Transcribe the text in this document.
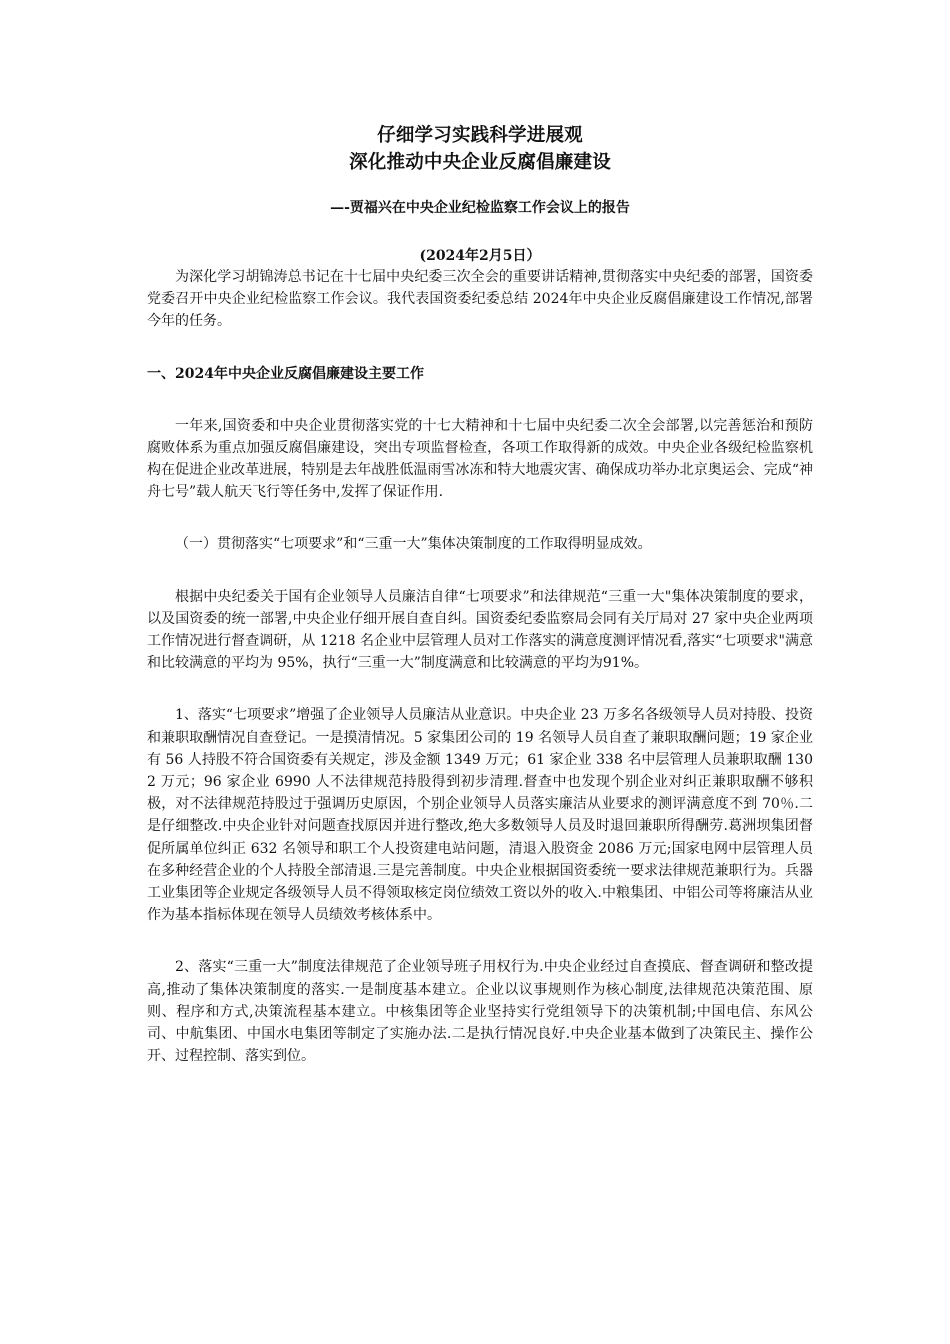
仔细学习实践科学进展观

深化推动中央企业反腐倡廉建设

—-贾福兴在中央企业纪检监察工作会议上的报告

(2024年2月5日）

为深化学习胡锦涛总书记在十七届中央纪委三次全会的重要讲话精神,贯彻落实中央纪委的部署，国资委党委召开中央企业纪检监察工作会议。我代表国资委纪委总结 2024年中央企业反腐倡廉建设工作情况,部署今年的任务。

一、2024年中央企业反腐倡廉建设主要工作

一年来,国资委和中央企业贯彻落实党的十七大精神和十七届中央纪委二次全会部署,以完善惩治和预防腐败体系为重点加强反腐倡廉建设，突出专项监督检查，各项工作取得新的成效。中央企业各级纪检监察机构在促进企业改革进展，特别是去年战胜低温雨雪冰冻和特大地震灾害、确保成功举办北京奥运会、完成“神舟七号”载人航天飞行等任务中,发挥了保证作用.

（一）贯彻落实“七项要求”和“三重一大”集体决策制度的工作取得明显成效。

根据中央纪委关于国有企业领导人员廉洁自律“七项要求”和法律规范“三重一大"集体决策制度的要求，以及国资委的统一部署,中央企业仔细开展自查自纠。国资委纪委监察局会同有关厅局对 27 家中央企业两项工作情况进行督查调研，从 1218 名企业中层管理人员对工作落实的满意度测评情况看,落实“七项要求"满意和比较满意的平均为 95%，执行“三重一大”制度满意和比较满意的平均为91%。

1、落实“七项要求”增强了企业领导人员廉洁从业意识。中央企业 23 万多名各级领导人员对持股、投资和兼职取酬情况自查登记。一是摸清情况。5 家集团公司的 19 名领导人员自查了兼职取酬问题；19 家企业有 56 人持股不符合国资委有关规定，涉及金额 1349 万元；61 家企业 338 名中层管理人员兼职取酬 1302 万元；96 家企业 6990 人不法律规范持股得到初步清理.督查中也发现个别企业对纠正兼职取酬不够积极，对不法律规范持股过于强调历史原因，个别企业领导人员落实廉洁从业要求的测评满意度不到 70％.二是仔细整改.中央企业针对问题查找原因并进行整改,绝大多数领导人员及时退回兼职所得酬劳.葛洲坝集团督促所属单位纠正 632 名领导和职工个人投资建电站问题，清退入股资金 2086 万元;国家电网中层管理人员在多种经营企业的个人持股全部清退.三是完善制度。中央企业根据国资委统一要求法律规范兼职行为。兵器工业集团等企业规定各级领导人员不得领取核定岗位绩效工资以外的收入.中粮集团、中铝公司等将廉洁从业作为基本指标体现在领导人员绩效考核体系中。

2、落实“三重一大”制度法律规范了企业领导班子用权行为.中央企业经过自查摸底、督查调研和整改提高,推动了集体决策制度的落实.一是制度基本建立。企业以议事规则作为核心制度,法律规范决策范围、原则、程序和方式,决策流程基本建立。中核集团等企业坚持实行党组领导下的决策机制;中国电信、东风公司、中航集团、中国水电集团等制定了实施办法.二是执行情况良好.中央企业基本做到了决策民主、操作公开、过程控制、落实到位。
